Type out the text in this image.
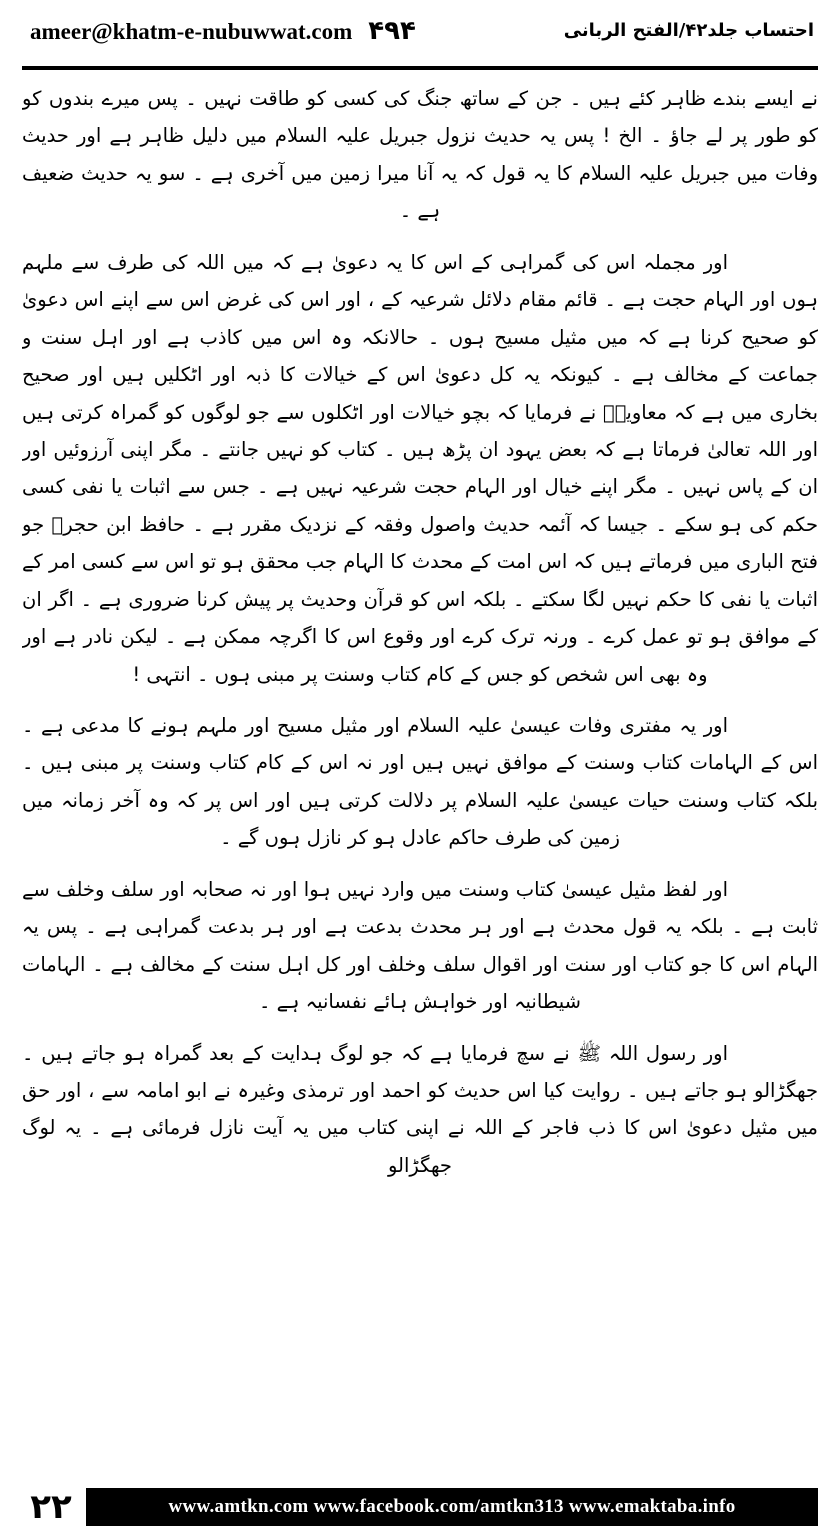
ameer@khatm-e-nubuwwat.com ۴۹۴	احتساب جلد۴۲/الفتح الربانی

نے ایسے بندے ظاہر کئے ہیں ۔ جن کے ساتھ جنگ کی کسی کو طاقت نہیں ۔ پس میرے بندوں کو کو طور پر لے جاؤ ۔ الخ ! پس یہ حدیث نزول جبریل علیہ السلام میں دلیل ظاہر ہے اور حدیث وفات میں جبریل علیہ السلام کا یہ قول کہ یہ آنا میرا زمین میں آخری ہے ۔ سو یہ حدیث ضعیف ہے ۔

اور مجملہ اس کی گمراہی کے اس کا یہ دعویٰ ہے کہ میں اللہ کی طرف سے ملہم ہوں اور الہام حجت ہے ۔ قائم مقام دلائل شرعیہ کے ، اور اس کی غرض اس سے اپنے اس دعویٰ کو صحیح کرنا ہے کہ میں مثیل مسیح ہوں ۔ حالانکہ وہ اس میں کاذب ہے اور اہل سنت و جماعت کے مخالف ہے ۔ کیونکہ یہ کل دعویٰ اس کے خیالات کا ذبہ اور اٹکلیں ہیں اور صحیح بخاری میں ہے کہ معاویہؓ نے فرمایا کہ بچو خیالات اور اٹکلوں سے جو لوگوں کو گمراہ کرتی ہیں اور اللہ تعالیٰ فرماتا ہے کہ بعض یہود ان پڑھ ہیں ۔ کتاب کو نہیں جانتے ۔ مگر اپنی آرزوئیں اور ان کے پاس نہیں ۔ مگر اپنے خیال اور الہام حجت شرعیہ نہیں ہے ۔ جس سے اثبات یا نفی کسی حکم کی ہو سکے ۔ جیسا کہ آئمہ حدیث واصول وفقہ کے نزدیک مقرر ہے ۔ حافظ ابن حجرؒ جو فتح الباری میں فرماتے ہیں کہ اس امت کے محدث کا الہام جب محقق ہو تو اس سے کسی امر کے اثبات یا نفی کا حکم نہیں لگا سکتے ۔ بلکہ اس کو قرآن وحدیث پر پیش کرنا ضروری ہے ۔ اگر ان کے موافق ہو تو عمل کرے ۔ ورنہ ترک کرے اور وقوع اس کا اگرچہ ممکن ہے ۔ لیکن نادر ہے اور وہ بھی اس شخص کو جس کے کام کتاب وسنت پر مبنی ہوں ۔ انتہی !

اور یہ مفتری وفات عیسیٰ علیہ السلام اور مثیل مسیح اور ملہم ہونے کا مدعی ہے ۔ اس کے الہامات کتاب وسنت کے موافق نہیں ہیں اور نہ اس کے کام کتاب وسنت پر مبنی ہیں ۔ بلکہ کتاب وسنت حیات عیسیٰ علیہ السلام پر دلالت کرتی ہیں اور اس پر کہ وہ آخر زمانہ میں زمین کی طرف حاکم عادل ہو کر نازل ہوں گے ۔

اور لفظ مثیل عیسیٰ کتاب وسنت میں وارد نہیں ہوا اور نہ صحابہ اور سلف وخلف سے ثابت ہے ۔ بلکہ یہ قول محدث ہے اور ہر محدث بدعت ہے اور ہر بدعت گمراہی ہے ۔ پس یہ الہام اس کا جو کتاب اور سنت اور اقوال سلف وخلف اور کل اہل سنت کے مخالف ہے ۔ الہامات شیطانیہ اور خواہش ہائے نفسانیہ ہے ۔

اور رسول اللہ ﷺ نے سچ فرمایا ہے کہ جو لوگ ہدایت کے بعد گمراہ ہو جاتے ہیں ۔ جھگڑالو ہو جاتے ہیں ۔ روایت کیا اس حدیث کو احمد اور ترمذی وغیرہ نے ابو امامہ سے ، اور حق میں مثیل دعویٰ اس کا ذب فاجر کے اللہ نے اپنی کتاب میں یہ آیت نازل فرمائی ہے ۔ یہ لوگ جھگڑالو

۲۲	www.amtkn.com www.facebook.com/amtkn313 www.emaktaba.info
